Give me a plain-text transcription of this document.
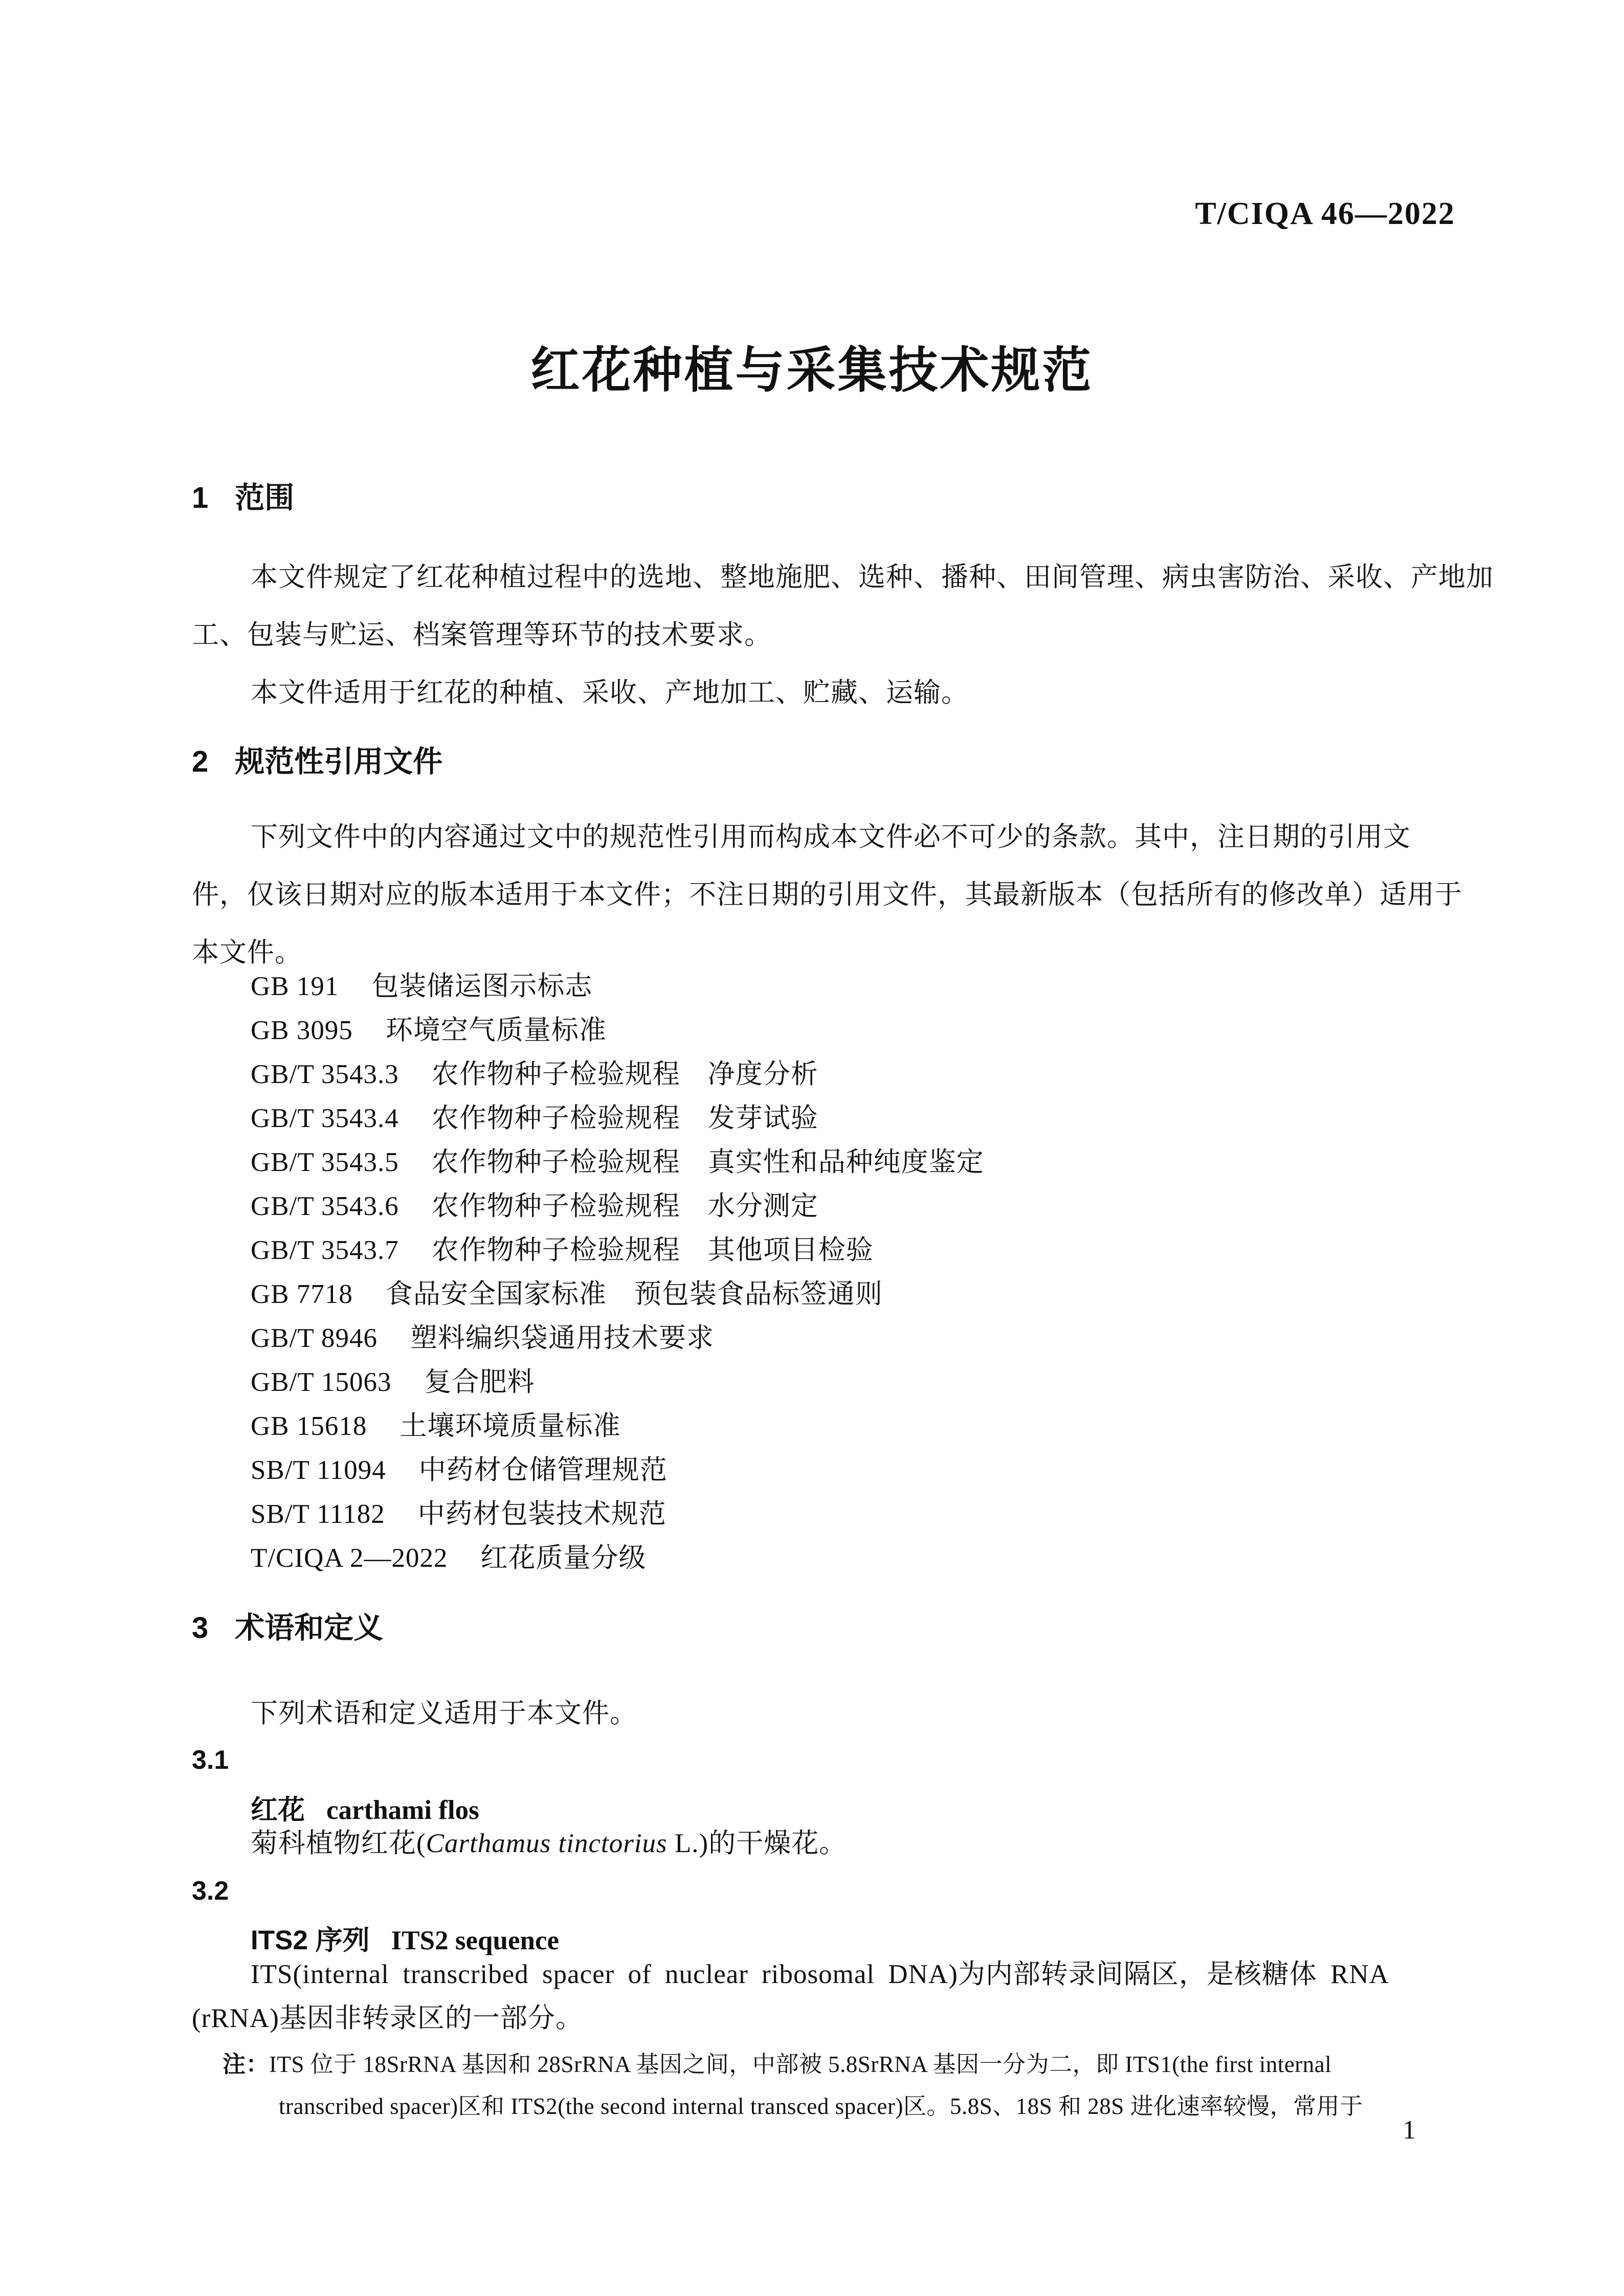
T/CIQA 46—2022
红花种植与采集技术规范
1 范围
本文件规定了红花种植过程中的选地、整地施肥、选种、播种、田间管理、病虫害防治、采收、产地加
工、包装与贮运、档案管理等环节的技术要求。
本文件适用于红花的种植、采收、产地加工、贮藏、运输。
2 规范性引用文件
下列文件中的内容通过文中的规范性引用而构成本文件必不可少的条款。其中，注日期的引用文
件，仅该日期对应的版本适用于本文件；不注日期的引用文件，其最新版本（包括所有的修改单）适用于
本文件。
GB 191 包装储运图示标志
GB 3095 环境空气质量标准
GB/T 3543.3 农作物种子检验规程　净度分析
GB/T 3543.4 农作物种子检验规程　发芽试验
GB/T 3543.5 农作物种子检验规程　真实性和品种纯度鉴定
GB/T 3543.6 农作物种子检验规程　水分测定
GB/T 3543.7 农作物种子检验规程　其他项目检验
GB 7718 食品安全国家标准　预包装食品标签通则
GB/T 8946 塑料编织袋通用技术要求
GB/T 15063 复合肥料
GB 15618 土壤环境质量标准
SB/T 11094 中药材仓储管理规范
SB/T 11182 中药材包装技术规范
T/CIQA 2—2022 红花质量分级
3 术语和定义
下列术语和定义适用于本文件。
3.1
红花 carthami flos
菊科植物红花(Carthamus tinctorius L.)的干燥花。
3.2
ITS2 序列 ITS2 sequence
ITS(internal transcribed spacer of nuclear ribosomal DNA)为内部转录间隔区，是核糖体 RNA
(rRNA)基因非转录区的一部分。
注：ITS 位于 18SrRNA 基因和 28SrRNA 基因之间，中部被 5.8SrRNA 基因一分为二，即 ITS1(the first internal
transcribed spacer)区和 ITS2(the second internal transced spacer)区。5.8S、18S 和 28S 进化速率较慢，常用于
1
